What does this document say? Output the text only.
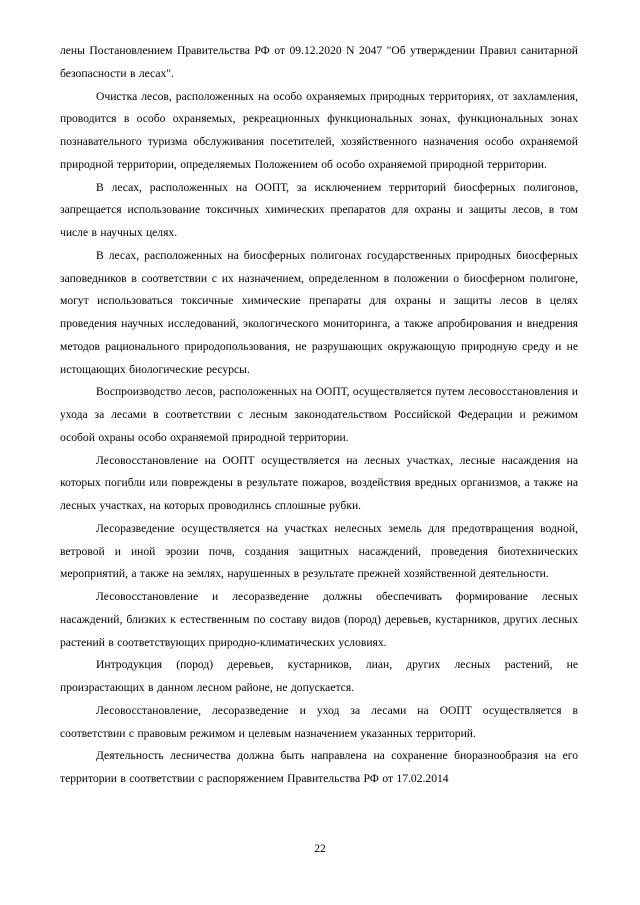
лены Постановлением Правительства РФ от 09.12.2020 N 2047 "Об утверждении Правил санитарной безопасности в лесах".

Очистка лесов, расположенных на особо охраняемых природных территориях, от захламления, проводится в особо охраняемых, рекреационных функциональных зонах, функциональных зонах познавательного туризма обслуживания посетителей, хозяйственного назначения особо охраняемой природной территории, определяемых Положением об особо охраняемой природной территории.

В лесах, расположенных на ООПТ, за исключением территорий биосферных полигонов, запрещается использование токсичных химических препаратов для охраны и защиты лесов, в том числе в научных целях.

В лесах, расположенных на биосферных полигонах государственных природных биосферных заповедников в соответствии с их назначением, определенном в положении о биосферном полигоне, могут использоваться токсичные химические препараты для охраны и защиты лесов в целях проведения научных исследований, экологического мониторинга, а также апробирования и внедрения методов рационального природопользования, не разрушающих окружающую природную среду и не истощающих биологические ресурсы.

Воспроизводство лесов, расположенных на ООПТ, осуществляется путем лесовосстановления и ухода за лесами в соответствии с лесным законодательством Российской Федерации и режимом особой охраны особо охраняемой природной территории.

Лесовосстановление на ООПТ осуществляется на лесных участках, лесные насаждения на которых погибли или повреждены в результате пожаров, воздействия вредных организмов, а также на лесных участках, на которых проводилнсь сплошные рубки.

Лесоразведение осуществляется на участках нелесных земель для предотвращения водной, ветровой и иной эрозии почв, создания защитных насаждений, проведения биотехнических мероприятий, а также на землях, нарушенных в результате прежней хозяйственной деятельности.

Лесовосстановление и лесоразведение должны обеспечивать формирование лесных насаждений, близких к естественным по составу видов (пород) деревьев, кустарников, других лесных растений в соответствующих природно-климатических условиях.

Интродукция (пород) деревьев, кустарников, лиан, других лесных растений, не произрастающих в данном лесном районе, не допускается.

Лесовосстановление, лесоразведение и уход за лесами на ООПТ осуществляется в соответствии с правовым режимом и целевым назначением указанных территорий.

Деятельность лесничества должна быть направлена на сохранение биоразнообразия на его территории в соответствии с распоряжением Правительства РФ от 17.02.2014

22
